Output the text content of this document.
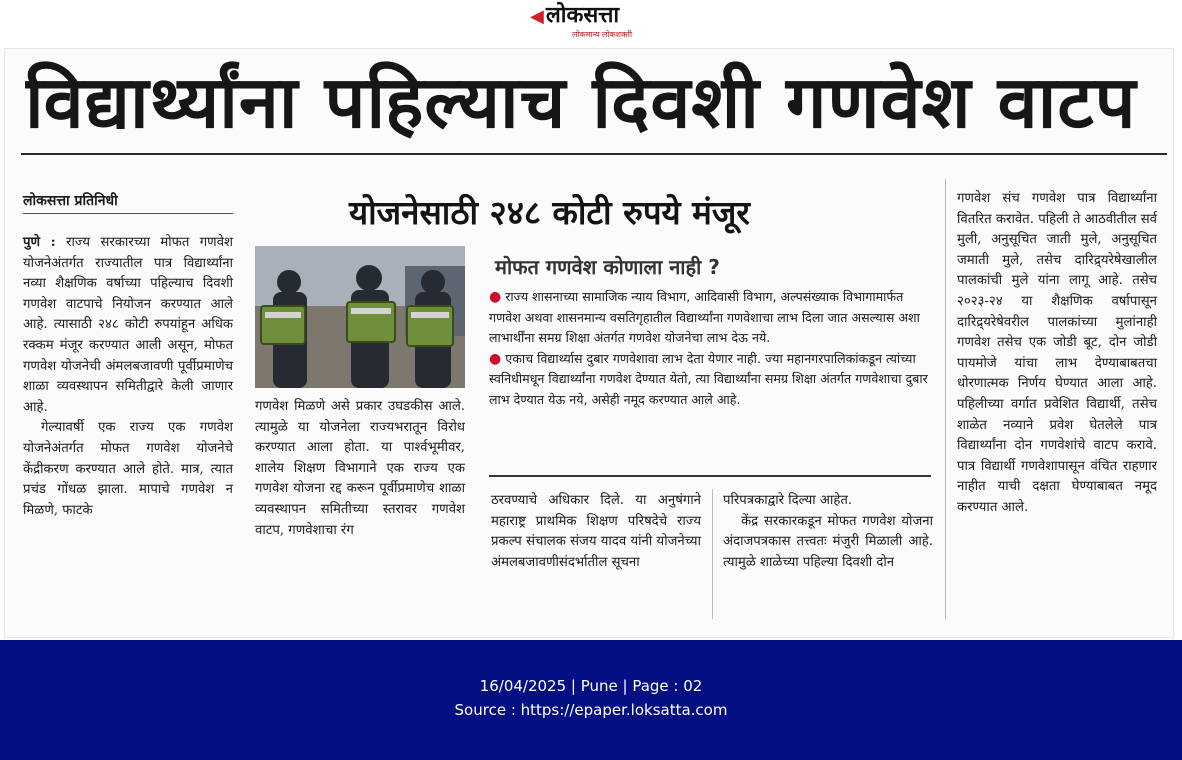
◀लोकसत्ता
लोकमान्य लोकशक्ती
विद्यार्थ्यांना पहिल्याच दिवशी गणवेश वाटप
लोकसत्ता प्रतिनिधी

पुणे : राज्य सरकारच्या मोफत गणवेश योजनेअंतर्गत राज्यातील पात्र विद्यार्थ्यांना नव्या शैक्षणिक वर्षाच्या पहिल्याच दिवशी गणवेश वाटपाचे नियोजन करण्यात आले आहे. त्यासाठी २४८ कोटी रुपयांहून अधिक रक्कम मंजूर करण्यात आली असून, मोफत गणवेश योजनेची अंमलबजावणी पूर्वीप्रमाणेच शाळा व्यवस्थापन समितीद्वारे केली जाणार आहे.

गेल्यावर्षी एक राज्य एक गणवेश योजनेअंतर्गत मोफत गणवेश योजनेचे केंद्रीकरण करण्यात आले होते. मात्र, त्यात प्रचंड गोंधळ झाला. मापाचे गणवेश न मिळणे, फाटके

योजनेसाठी २४८ कोटी रुपये मंजूर
गणवेश मिळणे असे प्रकार उघडकीस आले. त्यामुळे या योजनेला राज्यभरातून विरोध करण्यात आला होता. या पार्श्वभूमीवर, शालेय शिक्षण विभागाने एक राज्य एक गणवेश योजना रद्द करून पूर्वीप्रमाणेच शाळा व्यवस्थापन समितीच्या स्तरावर गणवेश वाटप, गणवेशाचा रंग
मोफत गणवेश कोणाला नाही ?

● राज्य शासनाच्या सामाजिक न्याय विभाग, आदिवासी विभाग, अल्पसंख्याक विभागामार्फत गणवेश अथवा शासनमान्य वसतिगृहातील विद्यार्थ्यांना गणवेशाचा लाभ दिला जात असल्यास अशा लाभार्थींना समग्र शिक्षा अंतर्गत गणवेश योजनेचा लाभ देऊ नये.

● एकाच विद्यार्थ्यास दुबार गणवेशावा लाभ देता येणार नाही. ज्या महानगरपालिकांकडून त्यांच्या स्वनिधीमधून विद्यार्थ्यांना गणवेश देण्यात येतो, त्या विद्यार्थ्यांना समग्र शिक्षा अंतर्गत गणवेशाचा दुबार लाभ देण्यात येऊ नये, असेही नमूद करण्यात आले आहे.

ठरवण्याचे अधिकार दिले. या अनुषंगाने महाराष्ट्र प्राथमिक शिक्षण परिषदेचे राज्य प्रकल्प संचालक संजय यादव यांनी योजनेच्या अंमलबजावणीसंदर्भातील सूचना

परिपत्रकाद्वारे दिल्या आहेत.

केंद्र सरकारकडून मोफत गणवेश योजना अंदाजपत्रकास तत्त्वतः मंजुरी मिळाली आहे. त्यामुळे शाळेच्या पहिल्या दिवशी दोन

गणवेश संच गणवेश पात्र विद्यार्थ्यांना वितरित करावेत. पहिली ते आठवीतील सर्व मुली, अनुसूचित जाती मुले, अनुसूचित जमाती मुले, तसेच दारिद्र्यरेषेखालील पालकांची मुले यांना लागू आहे. तसेच २०२३-२४ या शैक्षणिक वर्षापासून दारिद्र्यरेषेवरील पालकांच्या मुलांनाही गणवेश तसेच एक जोडी बूट, दोन जोडी पायमोजे यांचा लाभ देण्याबाबतचा धोरणात्मक निर्णय घेण्यात आला आहे. पहिलीच्या वर्गात प्रवेशित विद्यार्थी, तसेच शाळेत नव्याने प्रवेश घेतलेले पात्र विद्यार्थ्यांना दोन गणवेशांचे वाटप करावे. पात्र विद्यार्थी गणवेशापासून वंचित राहणार नाहीत याची दक्षता घेण्याबाबत नमूद करण्यात आले.
16/04/2025 | Pune | Page : 02
Source : https://epaper.loksatta.com
